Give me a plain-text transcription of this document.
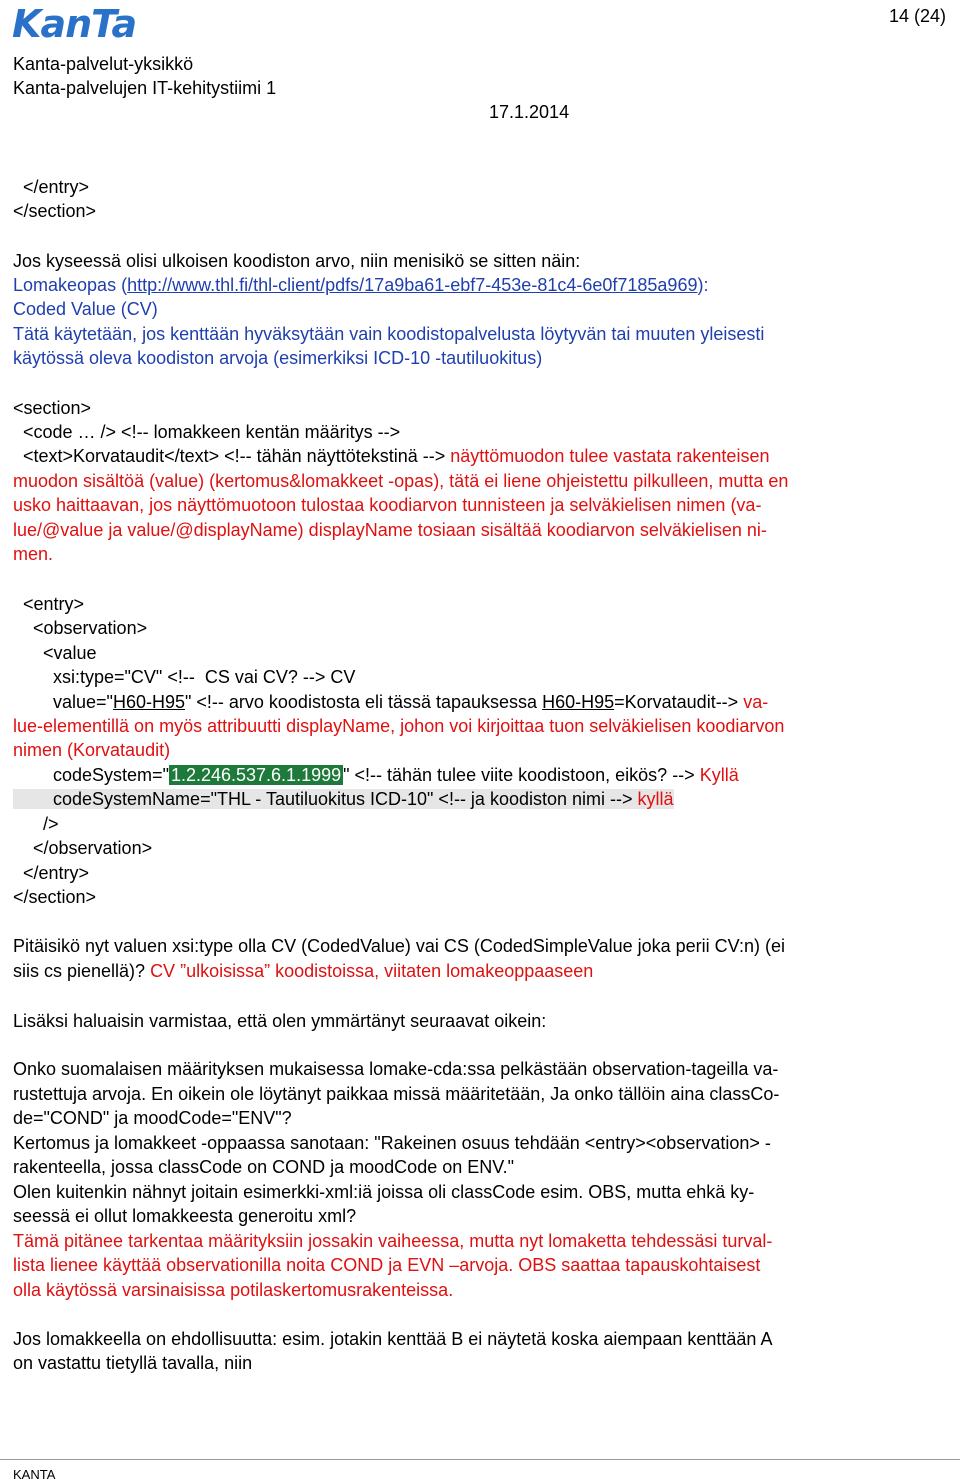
KanTa	14 (24)
Kanta-palvelut-yksikkö
Kanta-palvelujen IT-kehitystiimi 1
17.1.2014
</entry>
</section>
Jos kyseessä olisi ulkoisen koodiston arvo, niin menisikö se sitten näin:
Lomakeopas (http://www.thl.fi/thl-client/pdfs/17a9ba61-ebf7-453e-81c4-6e0f7185a969):
Coded Value (CV)
Tätä käytetään, jos kenttään hyväksytään vain koodistopalvelusta löytyvän tai muuten yleisesti
käytössä oleva koodiston arvoja (esimerkiksi ICD-10 -tautiluokitus)
<section>
<code … /> <!-- lomakkeen kentän määritys -->
<text>Korvataudit</text> <!-- tähän näyttötekstinä --> näyttömuodon tulee vastata rakenteisen
muodon sisältöä (value) (kertomus&lomakkeet -opas), tätä ei liene ohjeistettu pilkulleen, mutta en
usko haittaavan, jos näyttömuotoon tulostaa koodiarvon tunnisteen ja selväkielisen nimen (va-
lue/@value ja value/@displayName) displayName tosiaan sisältää koodiarvon selväkielisen ni-
men.
<entry>
<observation>
<value
xsi:type="CV" <!--  CS vai CV? --> CV
value="H60-H95" <!-- arvo koodistosta eli tässä tapauksessa H60-H95=Korvataudit--> va-
lue-elementillä on myös attribuutti displayName, johon voi kirjoittaa tuon selväkielisen koodiarvon
nimen (Korvataudit)
codeSystem=" 1.2.246.537.6.1.1999 " <!-- tähän tulee viite koodistoon, eikös? --> Kyllä
codeSystemName="THL - Tautiluokitus ICD-10" <!-- ja koodiston nimi --> kyllä
/>
</observation>
</entry>
</section>
Pitäisikö nyt valuen xsi:type olla CV (CodedValue) vai CS (CodedSimpleValue joka perii CV:n) (ei
siis cs pienellä)? CV ”ulkoisissa” koodistoissa, viitaten lomakeoppaaseen
Lisäksi haluaisin varmistaa, että olen ymmärtänyt seuraavat oikein:
Onko suomalaisen määrityksen mukaisessa lomake-cda:ssa pelkästään observation-tageilla va-
rustettuja arvoja. En oikein ole löytänyt paikkaa missä määritetään, Ja onko tällöin aina classCo-
de="COND" ja moodCode="ENV"?
Kertomus ja lomakkeet -oppaassa sanotaan: "Rakeinen osuus tehdään <entry><observation> -
rakenteella, jossa classCode on COND ja moodCode on ENV."
Olen kuitenkin nähnyt joitain esimerkki-xml:iä joissa oli classCode esim. OBS, mutta ehkä ky-
seessä ei ollut lomakkeesta generoitu xml?
Tämä pitänee tarkentaa määrityksiin jossakin vaiheessa, mutta nyt lomaketta tehdessäsi turval-
lista lienee käyttää observationilla noita COND ja EVN –arvoja. OBS saattaa tapauskohtaisest
olla käytössä varsinaisissa potilaskertomusrakenteissa.
Jos lomakkeella on ehdollisuutta: esim. jotakin kenttää B ei näytetä koska aiempaan kenttään A
on vastattu tietyllä tavalla, niin
KANTA
